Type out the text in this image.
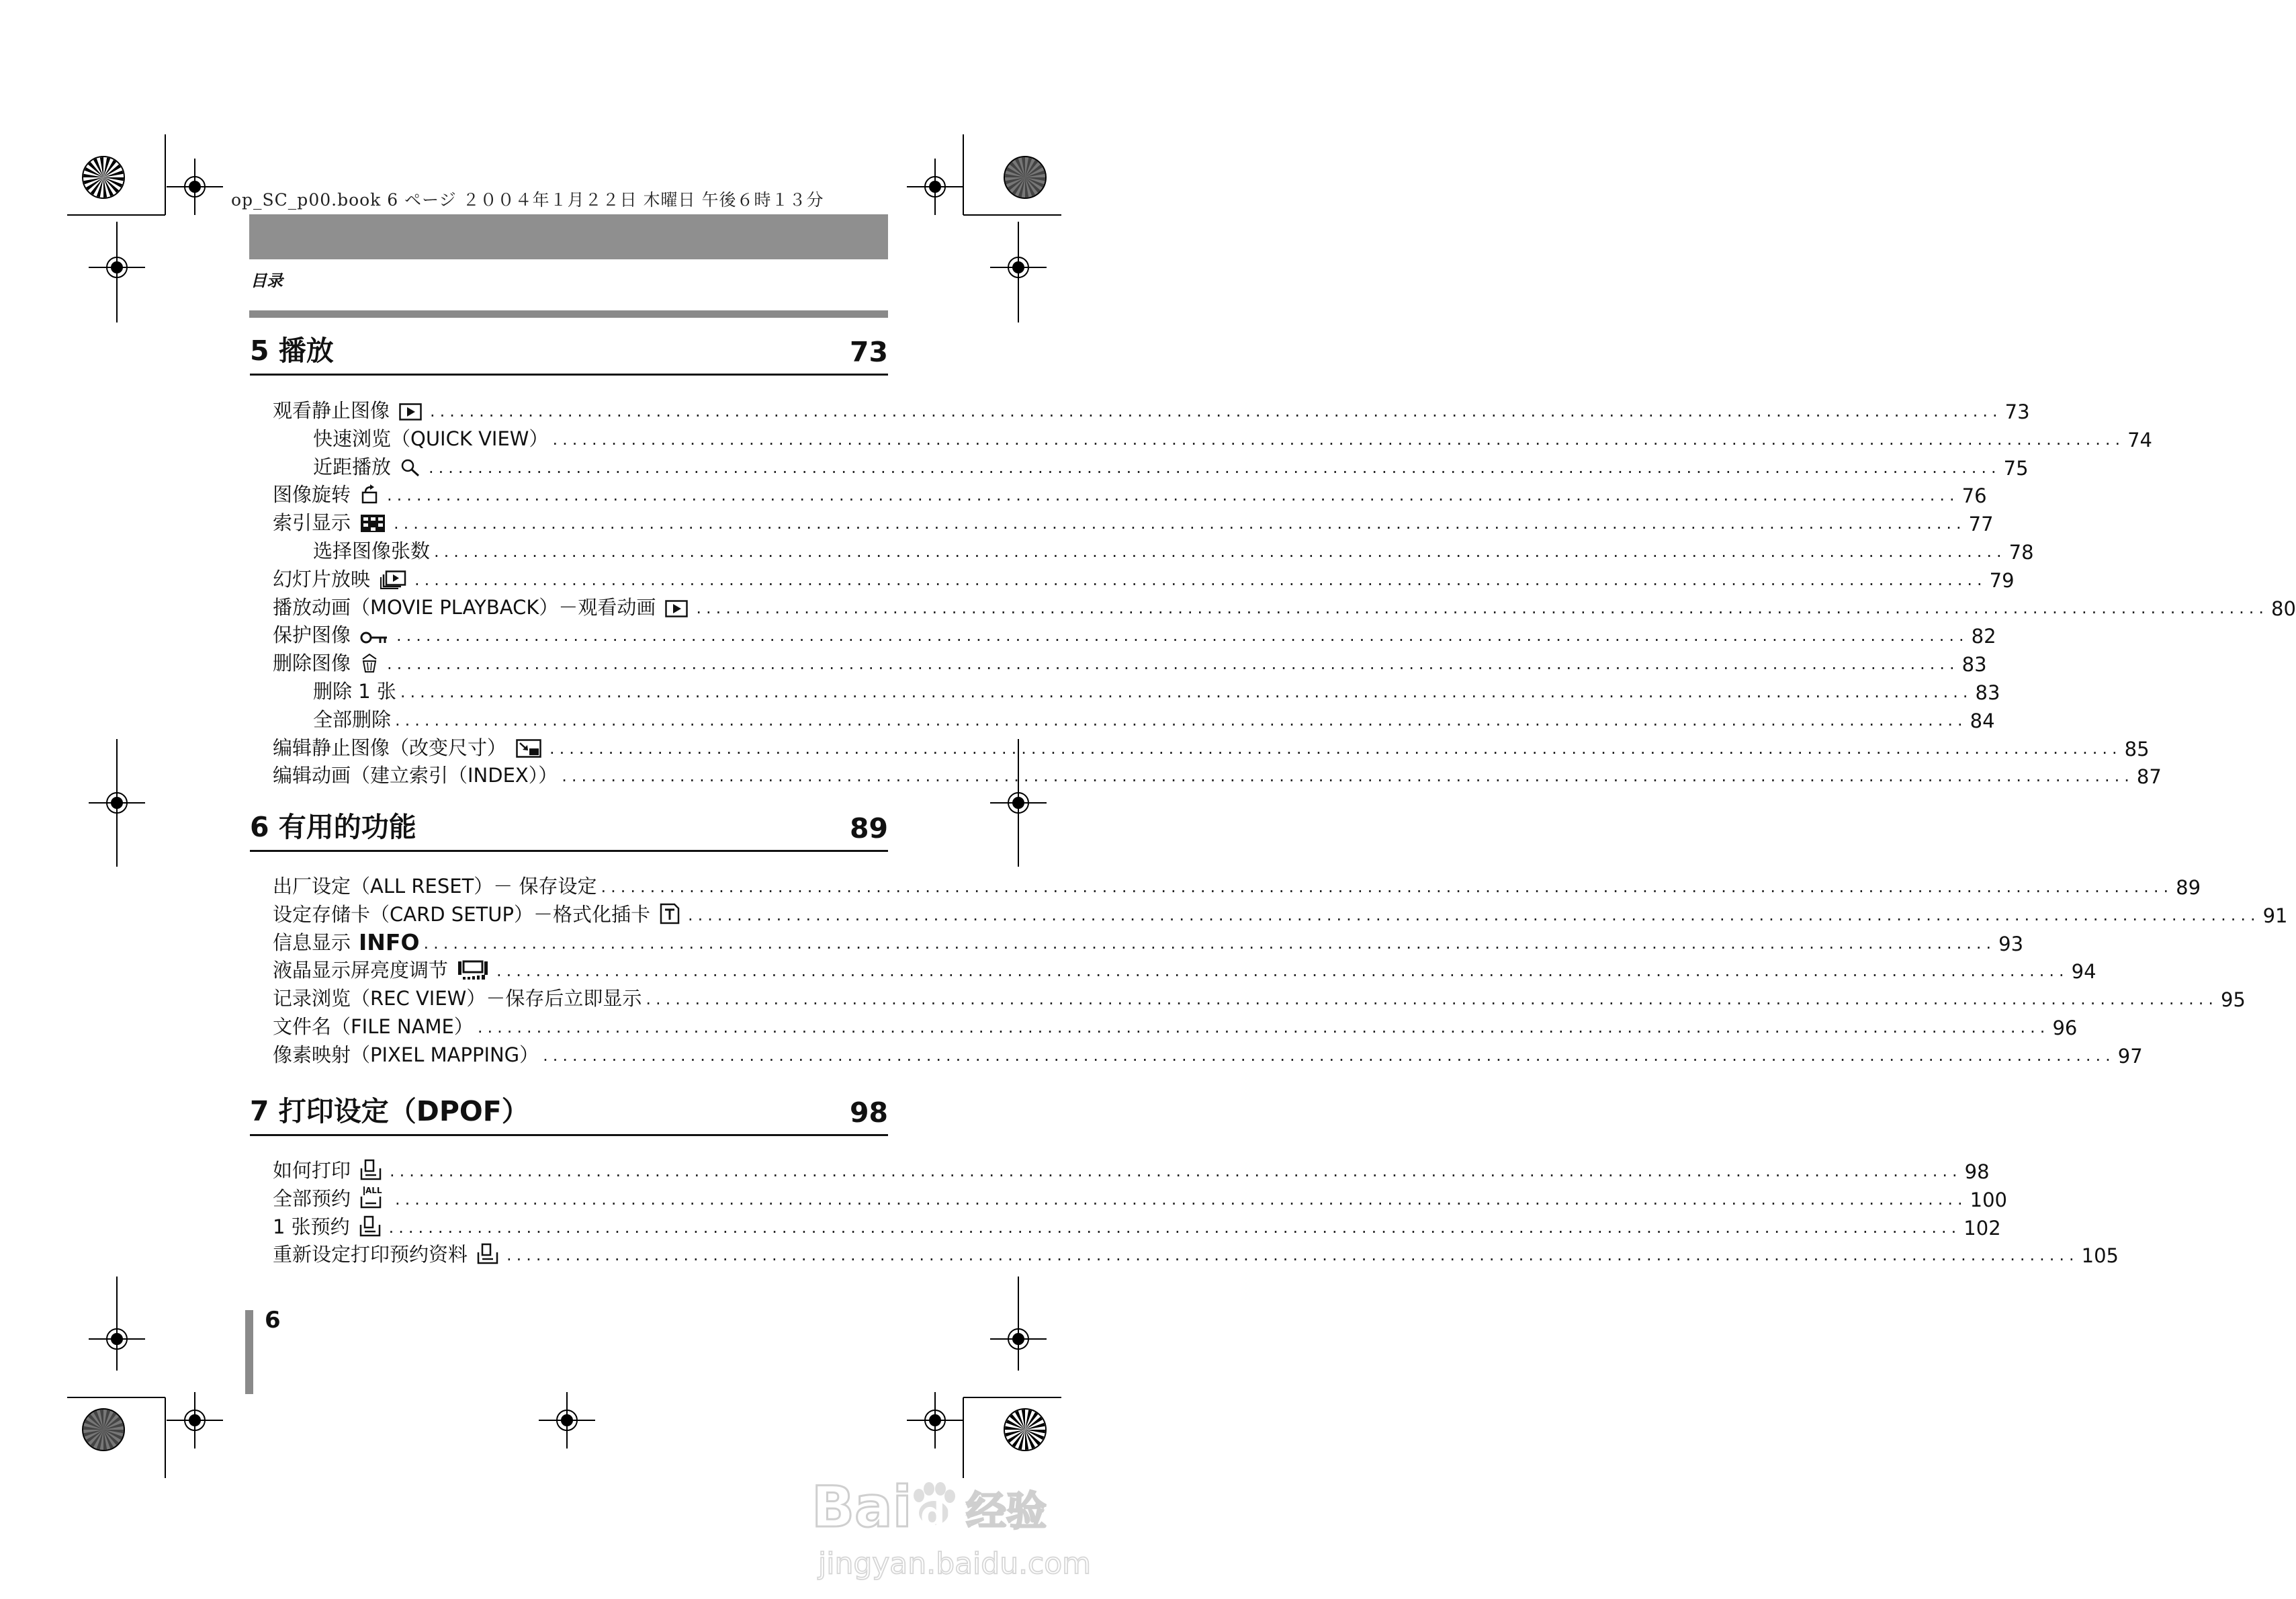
op_SC_p00.book 6 ページ ２００４年１月２２日 木曜日 午後６時１３分
目录
5 播放	73
观看静止图像	................................................................................................................................................................ 73
快速浏览（QUICK VIEW） ................................................................................................................................................................ 74
近距播放 ................................................................................................................................................................ 75
图像旋转 ................................................................................................................................................................ 76
索引显示	................................................................................................................................................................ 77
选择图像张数 ................................................................................................................................................................ 78
幻灯片放映	................................................................................................................................................................ 79
播放动画（MOVIE PLAYBACK）－观看动画	................................................................................................................................................................ 80
保护图像	................................................................................................................................................................ 82
删除图像 ................................................................................................................................................................ 83
删除 1 张 ................................................................................................................................................................ 83
全部删除 ................................................................................................................................................................ 84
编辑静止图像（改变尺寸）	................................................................................................................................................................ 85
编辑动画（建立索引（INDEX）） ................................................................................................................................................................ 87
6 有用的功能	89
出厂设定（ALL RESET）－ 保存设定 ................................................................................................................................................................ 89
设定存储卡（CARD SETUP）－格式化插卡 ................................................................................................................................................................ 91
信息显示 INFO ................................................................................................................................................................ 93
液晶显示屏亮度调节	................................................................................................................................................................ 94
记录浏览（REC VIEW）－保存后立即显示 ................................................................................................................................................................ 95
文件名（FILE NAME） ................................................................................................................................................................ 96
像素映射（PIXEL MAPPING） ................................................................................................................................................................ 97
7 打印设定（DPOF）	98
如何打印 ................................................................................................................................................................ 98
全部预约 ALL ................................................................................................................................................................ 100
1 张预约 ................................................................................................................................................................ 102
重新设定打印预约资料 ................................................................................................................................................................ 105
6
Bai du
经验
jingyan.baidu.com
